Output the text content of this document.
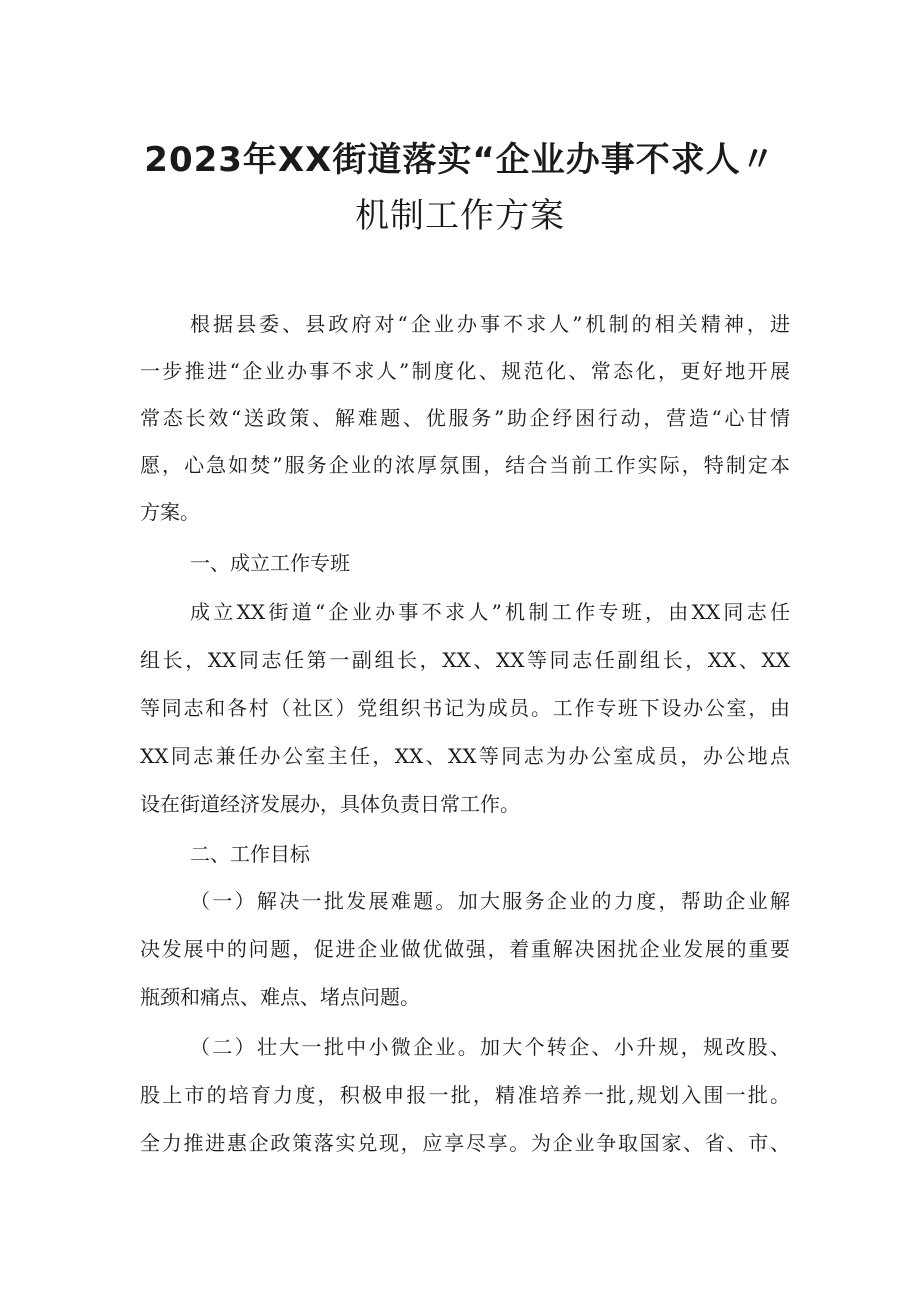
2023年XX街道落实“企业办事不求人〃
机制工作方案
根据县委、县政府对“企业办事不求人”机制的相关精神，进
一步推进“企业办事不求人”制度化、规范化、常态化，更好地开展
常态长效“送政策、解难题、优服务”助企纾困行动，营造“心甘情
愿，心急如焚”服务企业的浓厚氛围，结合当前工作实际，特制定本
方案。
一、成立工作专班
成立XX街道“企业办事不求人”机制工作专班，由XX同志任
组长，XX同志任第一副组长，XX、XX等同志任副组长，XX、XX
等同志和各村（社区）党组织书记为成员。工作专班下设办公室，由
XX同志兼任办公室主任，XX、XX等同志为办公室成员，办公地点
设在街道经济发展办，具体负责日常工作。
二、工作目标
（一）解决一批发展难题。加大服务企业的力度，帮助企业解
决发展中的问题，促进企业做优做强，着重解决困扰企业发展的重要
瓶颈和痛点、难点、堵点问题。
（二）壮大一批中小微企业。加大个转企、小升规，规改股、
股上市的培育力度，积极申报一批，精准培养一批,规划入围一批。
全力推进惠企政策落实兑现，应享尽享。为企业争取国家、省、市、
